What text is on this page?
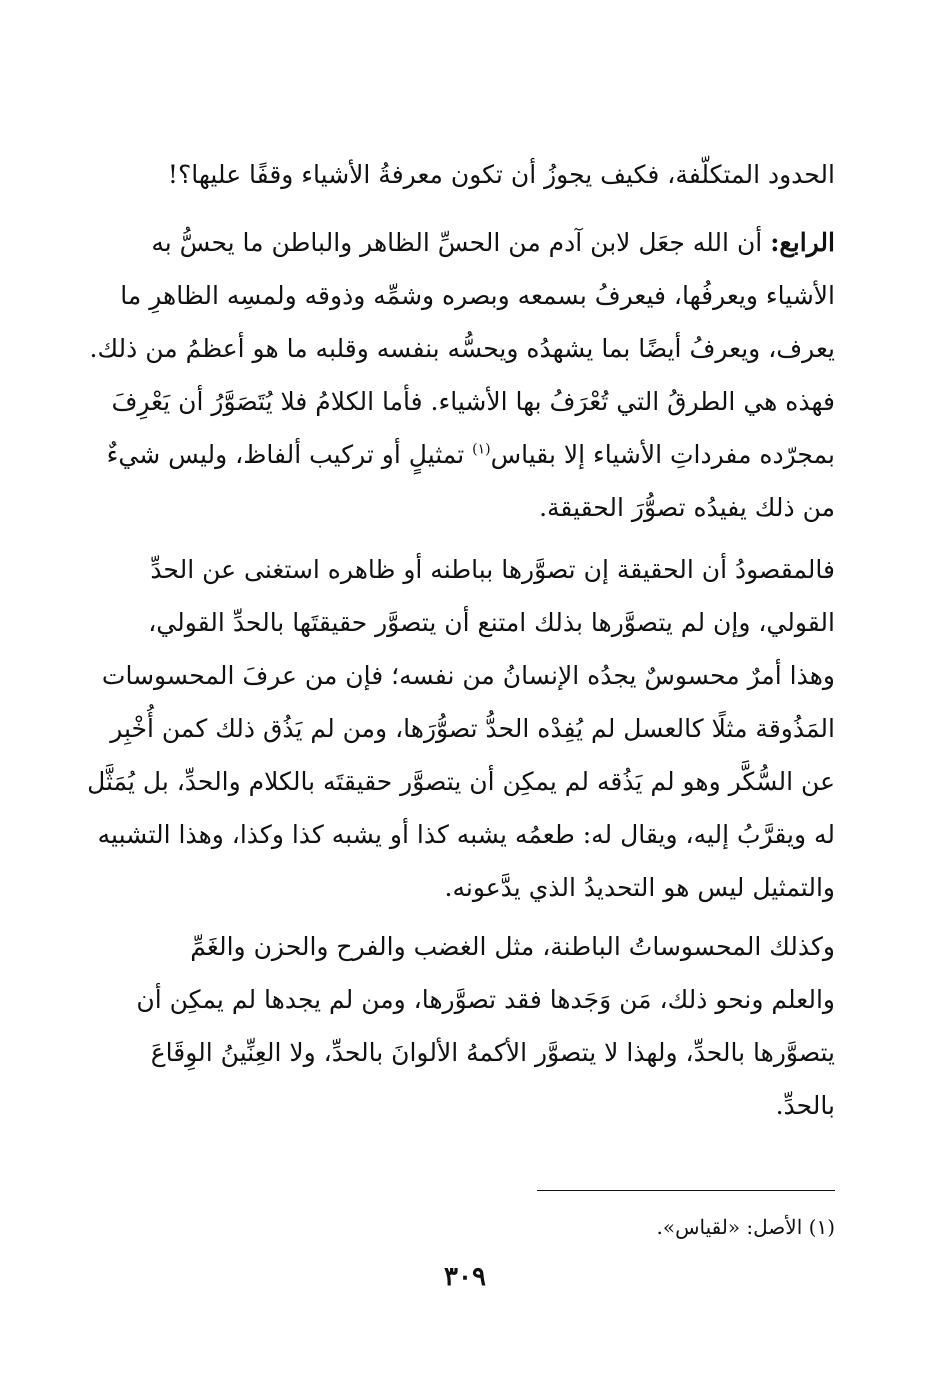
الحدود المتكلّفة، فكيف يجوزُ أن تكون معرفةُ الأشياء وقفًا عليها؟!
الرابع: أن الله جعَل لابن آدم من الحسِّ الظاهر والباطن ما يحسُّ به
الأشياء ويعرفُها، فيعرفُ بسمعه وبصره وشمِّه وذوقه ولمسِه الظاهرِ ما
يعرف، ويعرفُ أيضًا بما يشهدُه ويحسُّه بنفسه وقلبه ما هو أعظمُ من ذلك.
فهذه هي الطرقُ التي تُعْرَفُ بها الأشياء. فأما الكلامُ فلا يُتَصَوَّرُ أن يَعْرِفَ
بمجرّده مفرداتِ الأشياء إلا بقياس$^{(١)}$ تمثيلٍ أو تركيب ألفاظ، وليس شيءٌ
من ذلك يفيدُه تصوُّرَ الحقيقة.
فالمقصودُ أن الحقيقة إن تصوَّرها بباطنه أو ظاهره استغنى عن الحدِّ
القولي، وإن لم يتصوَّرها بذلك امتنع أن يتصوَّر حقيقتَها بالحدِّ القولي،
وهذا أمرٌ محسوسٌ يجدُه الإنسانُ من نفسه؛ فإن من عرفَ المحسوسات
المَذُوقة مثلًا كالعسل لم يُفِدْه الحدُّ تصوُّرَها، ومن لم يَذُق ذلك كمن أُخْبِر
عن السُّكَّر وهو لم يَذُقه لم يمكِن أن يتصوَّر حقيقتَه بالكلام والحدِّ، بل يُمَثَّل
له ويقرَّبُ إليه، ويقال له: طعمُه يشبه كذا أو يشبه كذا وكذا، وهذا التشبيه
والتمثيل ليس هو التحديدُ الذي يدَّعونه.
وكذلك المحسوساتُ الباطنة، مثل الغضب والفرح والحزن والغَمِّ
والعلم ونحو ذلك، مَن وَجَدها فقد تصوَّرها، ومن لم يجدها لم يمكِن أن
يتصوَّرها بالحدِّ، ولهذا لا يتصوَّر الأكمهُ الألوانَ بالحدِّ، ولا العِنِّينُ الوِقَاعَ
بالحدِّ.
(١) الأصل: «لقياس».
٣٠٩
